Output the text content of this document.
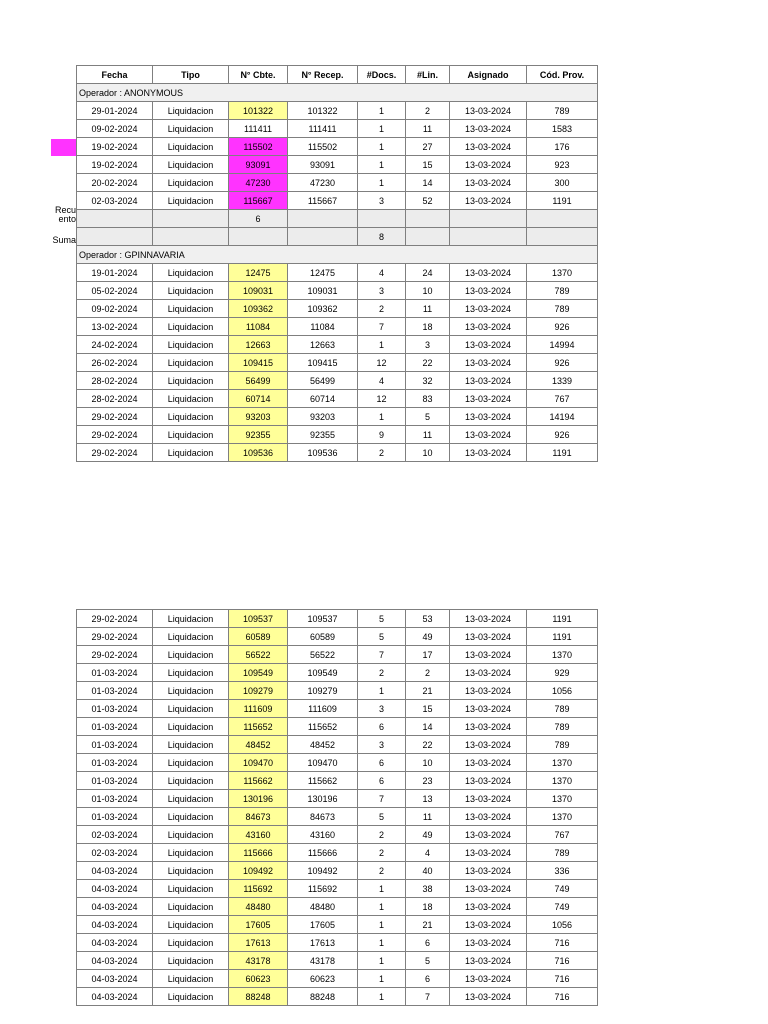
Recu ento
Suma
Fecha	Tipo	N° Cbte.	N° Recep.	#Docs.	#Lin.	Asignado	Cód. Prov.
Operador : ANONYMOUS							
29-01-2024	Liquidacion	101322	101322	1	2	13-03-2024	789
09-02-2024	Liquidacion	111411	111411	1	11	13-03-2024	1583
19-02-2024	Liquidacion	115502	115502	1	27	13-03-2024	176
19-02-2024	Liquidacion	93091	93091	1	15	13-03-2024	923
20-02-2024	Liquidacion	47230	47230	1	14	13-03-2024	300
02-03-2024	Liquidacion	115667	115667	3	52	13-03-2024	1191
		6					
				8			
Operador : GPINNAVARIA							
19-01-2024	Liquidacion	12475	12475	4	24	13-03-2024	1370
05-02-2024	Liquidacion	109031	109031	3	10	13-03-2024	789
09-02-2024	Liquidacion	109362	109362	2	11	13-03-2024	789
13-02-2024	Liquidacion	11084	11084	7	18	13-03-2024	926
24-02-2024	Liquidacion	12663	12663	1	3	13-03-2024	14994
26-02-2024	Liquidacion	109415	109415	12	22	13-03-2024	926
28-02-2024	Liquidacion	56499	56499	4	32	13-03-2024	1339
28-02-2024	Liquidacion	60714	60714	12	83	13-03-2024	767
29-02-2024	Liquidacion	93203	93203	1	5	13-03-2024	14194
29-02-2024	Liquidacion	92355	92355	9	11	13-03-2024	926
29-02-2024	Liquidacion	109536	109536	2	10	13-03-2024	1191
29-02-2024	Liquidacion	109537	109537	5	53	13-03-2024	1191
29-02-2024	Liquidacion	60589	60589	5	49	13-03-2024	1191
29-02-2024	Liquidacion	56522	56522	7	17	13-03-2024	1370
01-03-2024	Liquidacion	109549	109549	2	2	13-03-2024	929
01-03-2024	Liquidacion	109279	109279	1	21	13-03-2024	1056
01-03-2024	Liquidacion	111609	111609	3	15	13-03-2024	789
01-03-2024	Liquidacion	115652	115652	6	14	13-03-2024	789
01-03-2024	Liquidacion	48452	48452	3	22	13-03-2024	789
01-03-2024	Liquidacion	109470	109470	6	10	13-03-2024	1370
01-03-2024	Liquidacion	115662	115662	6	23	13-03-2024	1370
01-03-2024	Liquidacion	130196	130196	7	13	13-03-2024	1370
01-03-2024	Liquidacion	84673	84673	5	11	13-03-2024	1370
02-03-2024	Liquidacion	43160	43160	2	49	13-03-2024	767
02-03-2024	Liquidacion	115666	115666	2	4	13-03-2024	789
04-03-2024	Liquidacion	109492	109492	2	40	13-03-2024	336
04-03-2024	Liquidacion	115692	115692	1	38	13-03-2024	749
04-03-2024	Liquidacion	48480	48480	1	18	13-03-2024	749
04-03-2024	Liquidacion	17605	17605	1	21	13-03-2024	1056
04-03-2024	Liquidacion	17613	17613	1	6	13-03-2024	716
04-03-2024	Liquidacion	43178	43178	1	5	13-03-2024	716
04-03-2024	Liquidacion	60623	60623	1	6	13-03-2024	716
04-03-2024	Liquidacion	88248	88248	1	7	13-03-2024	716
